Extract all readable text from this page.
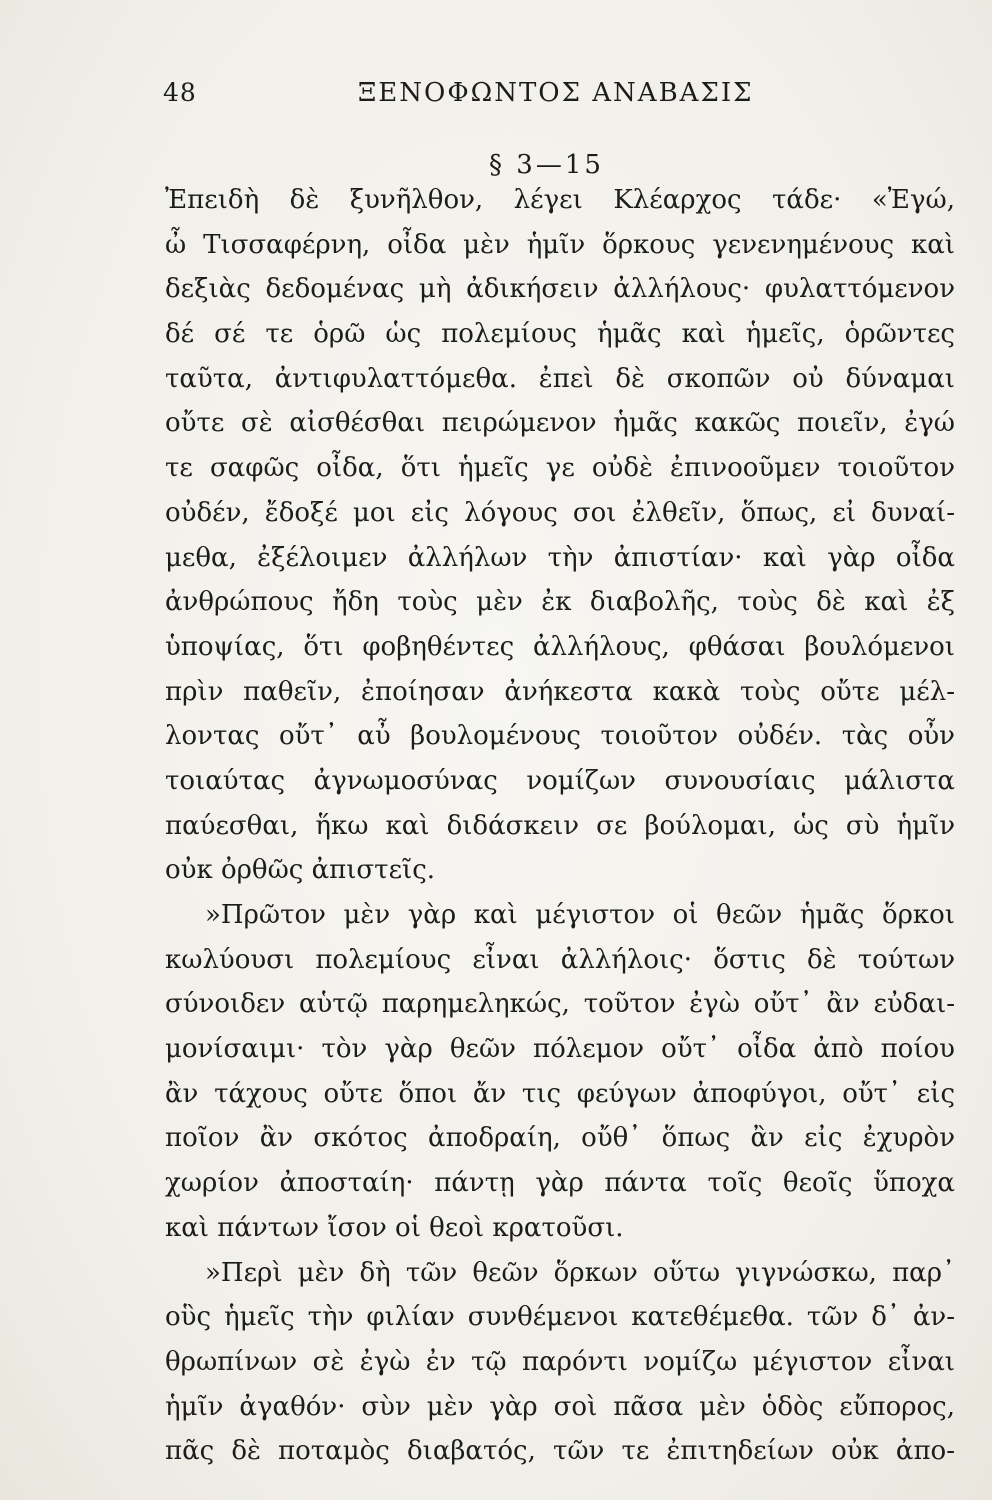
48	ΞΕΝΟΦΩΝΤΟΣ ΑΝΑΒΑΣΙΣ
§ 3—15
Ἐπειδὴ δὲ ξυνῆλθον, λέγει Κλέαρχος τάδε· «Ἐγώ,
ὦ Τισσαφέρνη, οἶδα μὲν ἡμῖν ὅρκους γενενημένους καὶ
δεξιὰς δεδομένας μὴ ἀδικήσειν ἀλλήλους· φυλαττόμενον
δέ σέ τε ὁρῶ ὡς πολεμίους ἡμᾶς καὶ ἡμεῖς, ὁρῶντες
ταῦτα, ἀντιφυλαττόμεθα. ἐπεὶ δὲ σκοπῶν οὐ δύναμαι
οὔτε σὲ αἰσθέσθαι πειρώμενον ἡμᾶς κακῶς ποιεῖν, ἐγώ
τε σαφῶς οἶδα, ὅτι ἡμεῖς γε οὐδὲ ἐπινοοῦμεν τοιοῦτον
οὐδέν, ἔδοξέ μοι εἰς λόγους σοι ἐλθεῖν, ὅπως, εἰ δυναί-
μεθα, ἐξέλοιμεν ἀλλήλων τὴν ἀπιστίαν· καὶ γὰρ οἶδα
ἀνθρώπους ἤδη τοὺς μὲν ἐκ διαβολῆς, τοὺς δὲ καὶ ἐξ
ὑποψίας, ὅτι φοβηθέντες ἀλλήλους, φθάσαι βουλόμενοι
πρὶν παθεῖν, ἐποίησαν ἀνήκεστα κακὰ τοὺς οὔτε μέλ-
λοντας οὔτ᾽ αὖ βουλομένους τοιοῦτον οὐδέν. τὰς οὖν
τοιαύτας ἀγνωμοσύνας νομίζων συνουσίαις μάλιστα
παύεσθαι, ἥκω καὶ διδάσκειν σε βούλομαι, ὡς σὺ ἡμῖν
οὐκ ὀρθῶς ἀπιστεῖς.
»Πρῶτον μὲν γὰρ καὶ μέγιστον οἱ θεῶν ἡμᾶς ὅρκοι
κωλύουσι πολεμίους εἶναι ἀλλήλοις· ὅστις δὲ τούτων
σύνοιδεν αὑτῷ παρημεληκώς, τοῦτον ἐγὼ οὔτ᾽ ἂν εὐδαι-
μονίσαιμι· τὸν γὰρ θεῶν πόλεμον οὔτ᾽ οἶδα ἀπὸ ποίου
ἂν τάχους οὔτε ὅποι ἄν τις φεύγων ἀποφύγοι, οὔτ᾽ εἰς
ποῖον ἂν σκότος ἀποδραίη, οὔθ᾽ ὅπως ἂν εἰς ἐχυρὸν
χωρίον ἀποσταίη· πάντῃ γὰρ πάντα τοῖς θεοῖς ὕποχα
καὶ πάντων ἴσον οἱ θεοὶ κρατοῦσι.
»Περὶ μὲν δὴ τῶν θεῶν ὅρκων οὕτω γιγνώσκω, παρ᾽
οὓς ἡμεῖς τὴν φιλίαν συνθέμενοι κατεθέμεθα. τῶν δ᾽ ἀν-
θρωπίνων σὲ ἐγὼ ἐν τῷ παρόντι νομίζω μέγιστον εἶναι
ἡμῖν ἀγαθόν· σὺν μὲν γὰρ σοὶ πᾶσα μὲν ὁδὸς εὔπορος,
πᾶς δὲ ποταμὸς διαβατός, τῶν τε ἐπιτηδείων οὐκ ἀπο-
